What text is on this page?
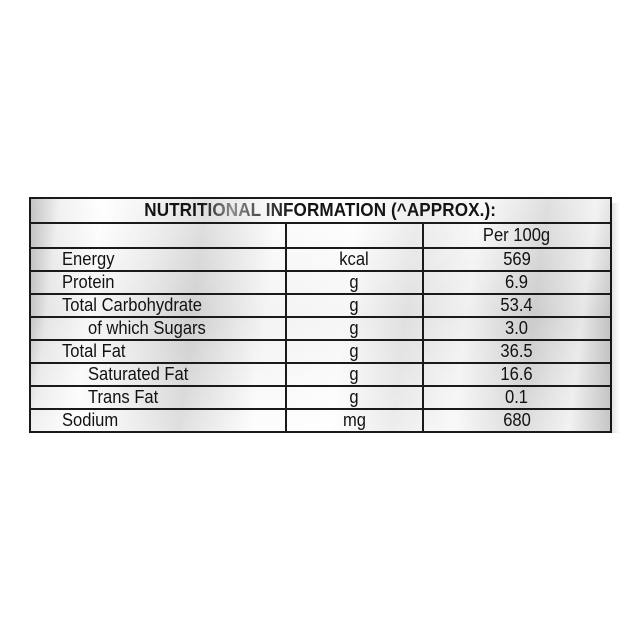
NUTRITIONAL INFORMATION (^APPROX.):		
		Per 100g
Energy	kcal	569
Protein	g	6.9
Total Carbohydrate	g	53.4
of which Sugars	g	3.0
Total Fat	g	36.5
Saturated Fat	g	16.6
Trans Fat	g	0.1
Sodium	mg	680
